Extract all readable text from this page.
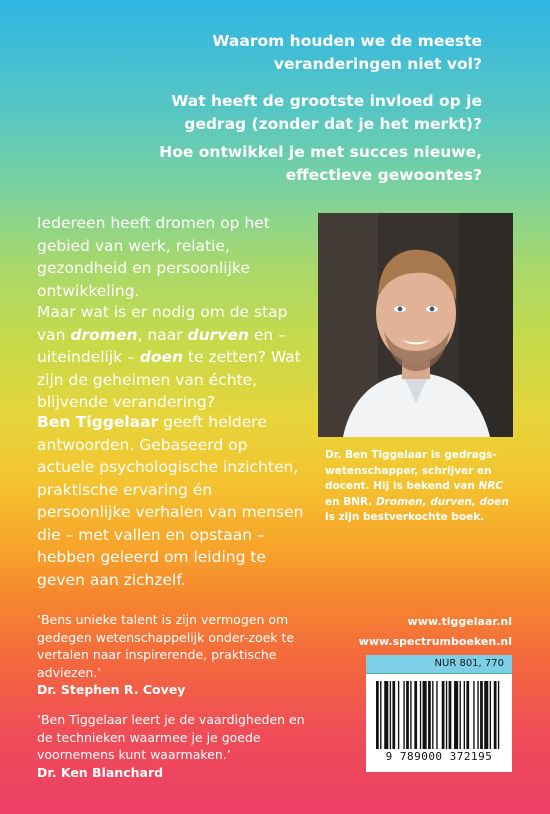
Waarom houden we de meeste veranderingen niet vol?
Wat heeft de grootste invloed op je gedrag (zonder dat je het merkt)?
Hoe ontwikkel je met succes nieuwe, effectieve gewoontes?
Iedereen heeft dromen op het gebied van werk, relatie, gezondheid en persoonlijke ontwikkeling.
Maar wat is er nodig om de stap van dromen, naar durven en – uiteindelijk – doen te zetten? Wat zijn de geheimen van échte, blijvende verandering?
Ben Tiggelaar geeft heldere antwoorden. Gebaseerd op actuele psychologische inzichten, praktische ervaring én persoonlijke verhalen van mensen die – met vallen en opstaan – hebben geleerd om leiding te geven aan zichzelf.
Dr. Ben Tiggelaar is gedrags-wetenschapper, schrijver en docent. Hij is bekend van NRC en BNR. Dromen, durven, doen is zijn bestverkochte boek.
‘Bens unieke talent is zijn vermogen om gedegen wetenschappelijk onder-zoek te vertalen naar inspirerende, praktische adviezen.’
Dr. Stephen R. Covey
‘Ben Tiggelaar leert je de vaardigheden en de technieken waarmee je je goede voornemens kunt waarmaken.’
Dr. Ken Blanchard
www.tiggelaar.nl
www.spectrumboeken.nl
NUR 801, 770
9 789000 372195
